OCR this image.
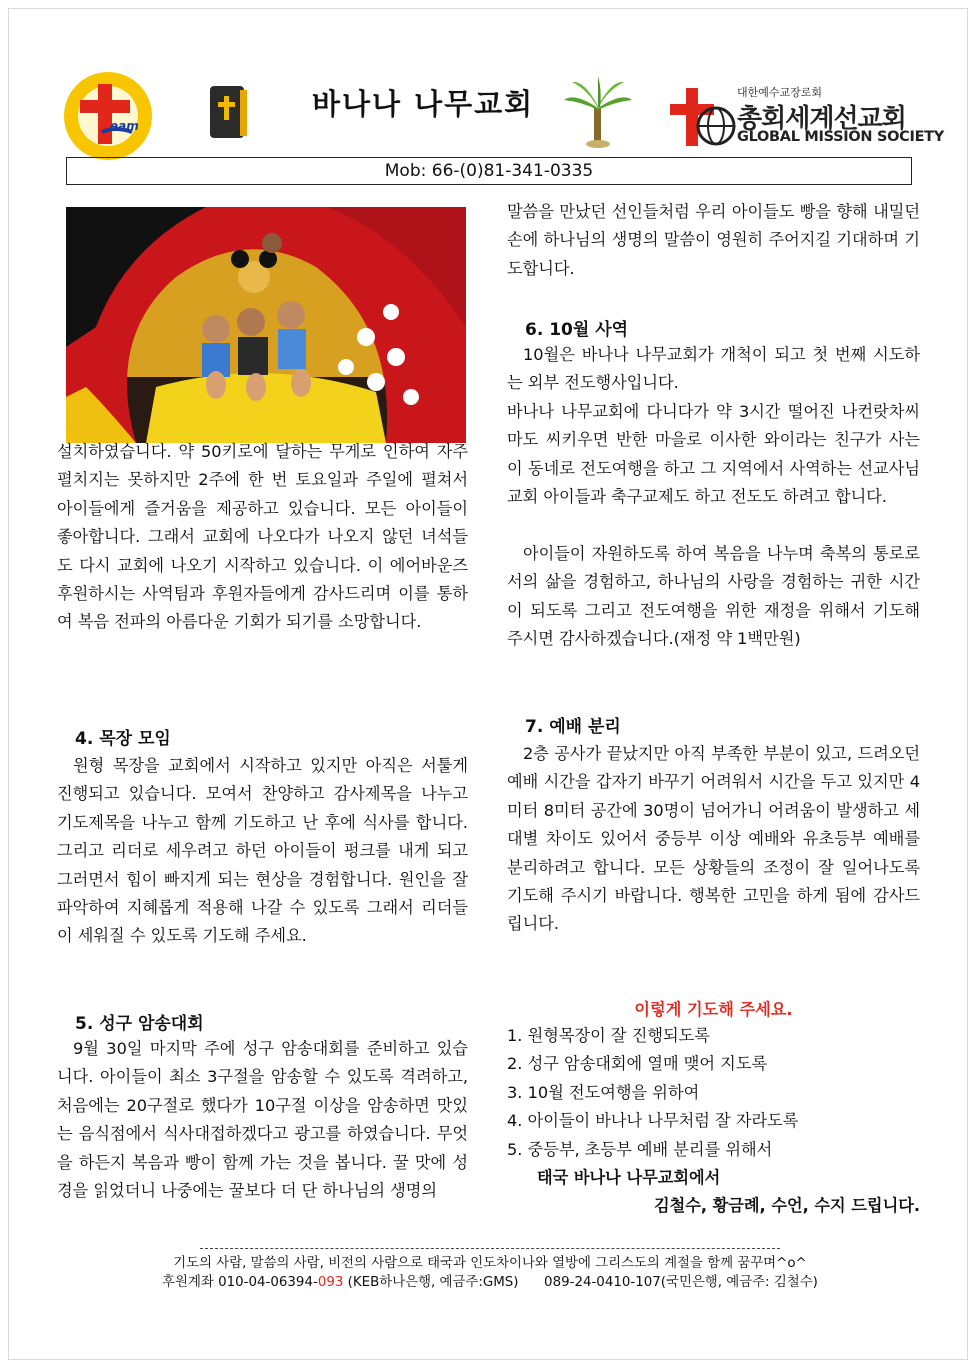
eam
바나나 나무교회	대한예수교장로회
총회세계선교회
GLOBAL MISSION SOCIETY
Mob: 66-(0)81-341-0335

설치하였습니다. 약 50키로에 달하는 무게로 인하여 자주 펼치지는 못하지만 2주에 한 번 토요일과 주일에 펼쳐서 아이들에게 즐거움을 제공하고 있습니다. 모든 아이들이 좋아합니다. 그래서 교회에 나오다가 나오지 않던 녀석들도 다시 교회에 나오기 시작하고 있습니다. 이 에어바운즈 후원하시는 사역팀과 후원자들에게 감사드리며 이를 통하여 복음 전파의 아름다운 기회가 되기를 소망합니다.

4. 목장 모임

원형 목장을 교회에서 시작하고 있지만 아직은 서툴게 진행되고 있습니다. 모여서 찬양하고 감사제목을 나누고 기도제목을 나누고 함께 기도하고 난 후에 식사를 합니다. 그리고 리더로 세우려고 하던 아이들이 펑크를 내게 되고 그러면서 힘이 빠지게 되는 현상을 경험합니다. 원인을 잘 파악하여 지혜롭게 적용해 나갈 수 있도록 그래서 리더들이 세워질 수 있도록 기도해 주세요.

5. 성구 암송대회

9월 30일 마지막 주에 성구 암송대회를 준비하고 있습니다. 아이들이 최소 3구절을 암송할 수 있도록 격려하고, 처음에는 20구절로 했다가 10구절 이상을 암송하면 맛있는 음식점에서 식사대접하겠다고 광고를 하였습니다. 무엇을 하든지 복음과 빵이 함께 가는 것을 봅니다. 꿀 맛에 성경을 읽었더니 나중에는 꿀보다 더 단 하나님의 생명의

말씀을 만났던 선인들처럼 우리 아이들도 빵을 향해 내밀던 손에 하나님의 생명의 말씀이 영원히 주어지길 기대하며 기도합니다.

6. 10월 사역

10월은 바나나 나무교회가 개척이 되고 첫 번째 시도하는 외부 전도행사입니다.

바나나 나무교회에 다니다가 약 3시간 떨어진 나컨랏차씨마도 씨키우면 반한 마을로 이사한 와이라는 친구가 사는 이 동네로 전도여행을 하고 그 지역에서 사역하는 선교사님 교회 아이들과 축구교제도 하고 전도도 하려고 합니다.

아이들이 자원하도록 하여 복음을 나누며 축복의 통로로서의 삶을 경험하고, 하나님의 사랑을 경험하는 귀한 시간이 되도록 그리고 전도여행을 위한 재정을 위해서 기도해 주시면 감사하겠습니다.(재정 약 1백만원)

7. 예배 분리

2층 공사가 끝났지만 아직 부족한 부분이 있고, 드려오던 예배 시간을 갑자기 바꾸기 어려워서 시간을 두고 있지만 4미터 8미터 공간에 30명이 넘어가니 어려움이 발생하고 세대별 차이도 있어서 중등부 이상 예배와 유초등부 예배를 분리하려고 합니다. 모든 상황들의 조정이 잘 일어나도록 기도해 주시기 바랍니다. 행복한 고민을 하게 됨에 감사드립니다.

이렇게 기도해 주세요.
1. 원형목장이 잘 진행되도록
2. 성구 암송대회에 열매 맺어 지도록
3. 10월 전도여행을 위하여
4. 아이들이 바나나 나무처럼 잘 자라도록
5. 중등부, 초등부 예배 분리를 위해서
태국 바나나 나무교회에서
김철수, 황금례, 수언, 수지 드립니다.
기도의 사람, 말씀의 사람, 비전의 사람으로 태국과 인도차이나와 열방에 그리스도의 계절을 함께 꿈꾸며^o^
후원계좌 010-04-06394-093 (KEB하나은행, 예금주:GMS)      089-24-0410-107(국민은행, 예금주: 김철수)
